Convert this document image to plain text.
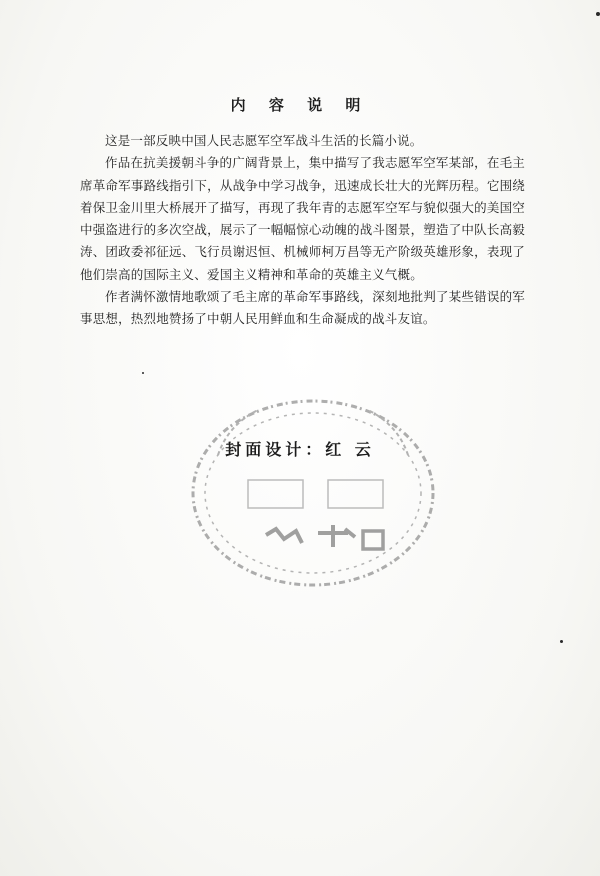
内 容 说 明

这是一部反映中国人民志愿军空军战斗生活的长篇小说。

作品在抗美援朝斗争的广阔背景上，集中描写了我志愿军空军某部，在毛主席革命军事路线指引下，从战争中学习战争，迅速成长壮大的光辉历程。它围绕着保卫金川里大桥展开了描写，再现了我年青的志愿军空军与貌似强大的美国空中强盗进行的多次空战，展示了一幅幅惊心动魄的战斗图景，塑造了中队长高毅涛、团政委祁征远、飞行员谢迟恒、机械师柯万昌等无产阶级英雄形象，表现了他们崇高的国际主义、爱国主义精神和革命的英雄主义气概。

作者满怀激情地歌颂了毛主席的革命军事路线，深刻地批判了某些错误的军事思想，热烈地赞扬了中朝人民用鲜血和生命凝成的战斗友谊。

封面设计：红 云
